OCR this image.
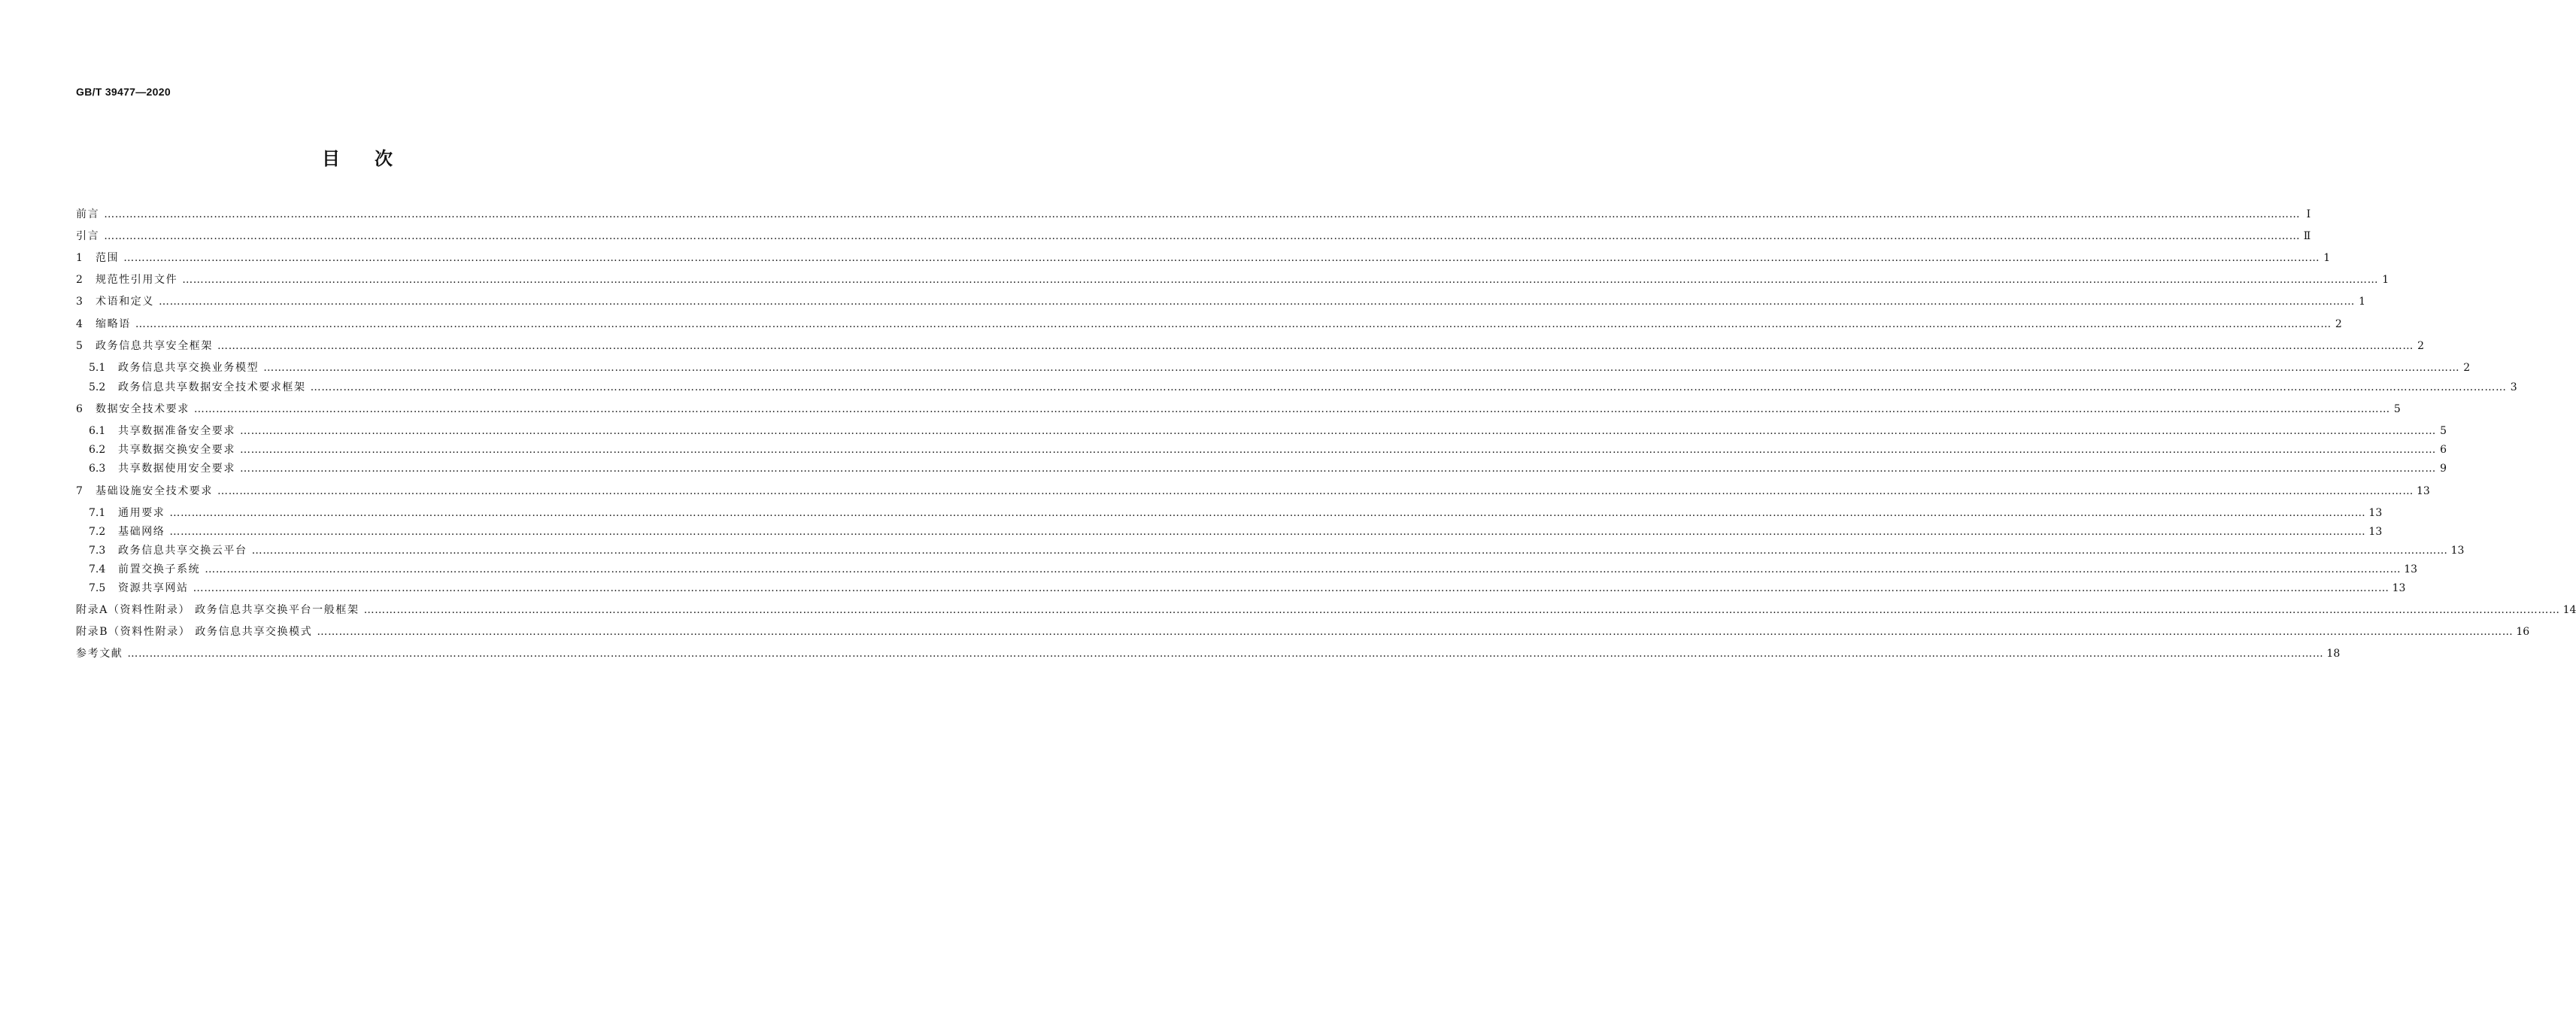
GB/T 39477—2020
目次
前言 …………………………………………………………………………………………………………………………………………………………………………………………………………………………………………………………………………………………………………………………………………………………………………………………………………………………………………………………………………………………………………………………………………………… Ⅰ
引言 …………………………………………………………………………………………………………………………………………………………………………………………………………………………………………………………………………………………………………………………………………………………………………………………………………………………………………………………………………………………………………………………………………………… Ⅱ
1	范围 …………………………………………………………………………………………………………………………………………………………………………………………………………………………………………………………………………………………………………………………………………………………………………………………………………………………………………………………………………………………………………………………………………………… 1
2	规范性引用文件 …………………………………………………………………………………………………………………………………………………………………………………………………………………………………………………………………………………………………………………………………………………………………………………………………………………………………………………………………………………………………………………………………………………… 1
3	术语和定义 …………………………………………………………………………………………………………………………………………………………………………………………………………………………………………………………………………………………………………………………………………………………………………………………………………………………………………………………………………………………………………………………………………………… 1
4	缩略语 …………………………………………………………………………………………………………………………………………………………………………………………………………………………………………………………………………………………………………………………………………………………………………………………………………………………………………………………………………………………………………………………………………………… 2
5	政务信息共享安全框架 …………………………………………………………………………………………………………………………………………………………………………………………………………………………………………………………………………………………………………………………………………………………………………………………………………………………………………………………………………………………………………………………………………………… 2
5.1	政务信息共享交换业务模型 …………………………………………………………………………………………………………………………………………………………………………………………………………………………………………………………………………………………………………………………………………………………………………………………………………………………………………………………………………………………………………………………………………………… 2
5.2	政务信息共享数据安全技术要求框架 …………………………………………………………………………………………………………………………………………………………………………………………………………………………………………………………………………………………………………………………………………………………………………………………………………………………………………………………………………………………………………………………………………………… 3
6	数据安全技术要求 …………………………………………………………………………………………………………………………………………………………………………………………………………………………………………………………………………………………………………………………………………………………………………………………………………………………………………………………………………………………………………………………………………………… 5
6.1	共享数据准备安全要求 …………………………………………………………………………………………………………………………………………………………………………………………………………………………………………………………………………………………………………………………………………………………………………………………………………………………………………………………………………………………………………………………………………………… 5
6.2	共享数据交换安全要求 …………………………………………………………………………………………………………………………………………………………………………………………………………………………………………………………………………………………………………………………………………………………………………………………………………………………………………………………………………………………………………………………………………………… 6
6.3	共享数据使用安全要求 …………………………………………………………………………………………………………………………………………………………………………………………………………………………………………………………………………………………………………………………………………………………………………………………………………………………………………………………………………………………………………………………………………………… 9
7	基础设施安全技术要求 …………………………………………………………………………………………………………………………………………………………………………………………………………………………………………………………………………………………………………………………………………………………………………………………………………………………………………………………………………………………………………………………………………………… 13
7.1	通用要求 …………………………………………………………………………………………………………………………………………………………………………………………………………………………………………………………………………………………………………………………………………………………………………………………………………………………………………………………………………………………………………………………………………………… 13
7.2	基础网络 …………………………………………………………………………………………………………………………………………………………………………………………………………………………………………………………………………………………………………………………………………………………………………………………………………………………………………………………………………………………………………………………………………………… 13
7.3	政务信息共享交换云平台 …………………………………………………………………………………………………………………………………………………………………………………………………………………………………………………………………………………………………………………………………………………………………………………………………………………………………………………………………………………………………………………………………………………… 13
7.4	前置交换子系统 …………………………………………………………………………………………………………………………………………………………………………………………………………………………………………………………………………………………………………………………………………………………………………………………………………………………………………………………………………………………………………………………………………………… 13
7.5	资源共享网站 …………………………………………………………………………………………………………………………………………………………………………………………………………………………………………………………………………………………………………………………………………………………………………………………………………………………………………………………………………………………………………………………………………………… 13
附录A（资料性附录） 政务信息共享交换平台一般框架 …………………………………………………………………………………………………………………………………………………………………………………………………………………………………………………………………………………………………………………………………………………………………………………………………………………………………………………………………………………………………………………………………………………… 14
附录B（资料性附录） 政务信息共享交换模式 …………………………………………………………………………………………………………………………………………………………………………………………………………………………………………………………………………………………………………………………………………………………………………………………………………………………………………………………………………………………………………………………………………………… 16
参考文献 …………………………………………………………………………………………………………………………………………………………………………………………………………………………………………………………………………………………………………………………………………………………………………………………………………………………………………………………………………………………………………………………………………………… 18
